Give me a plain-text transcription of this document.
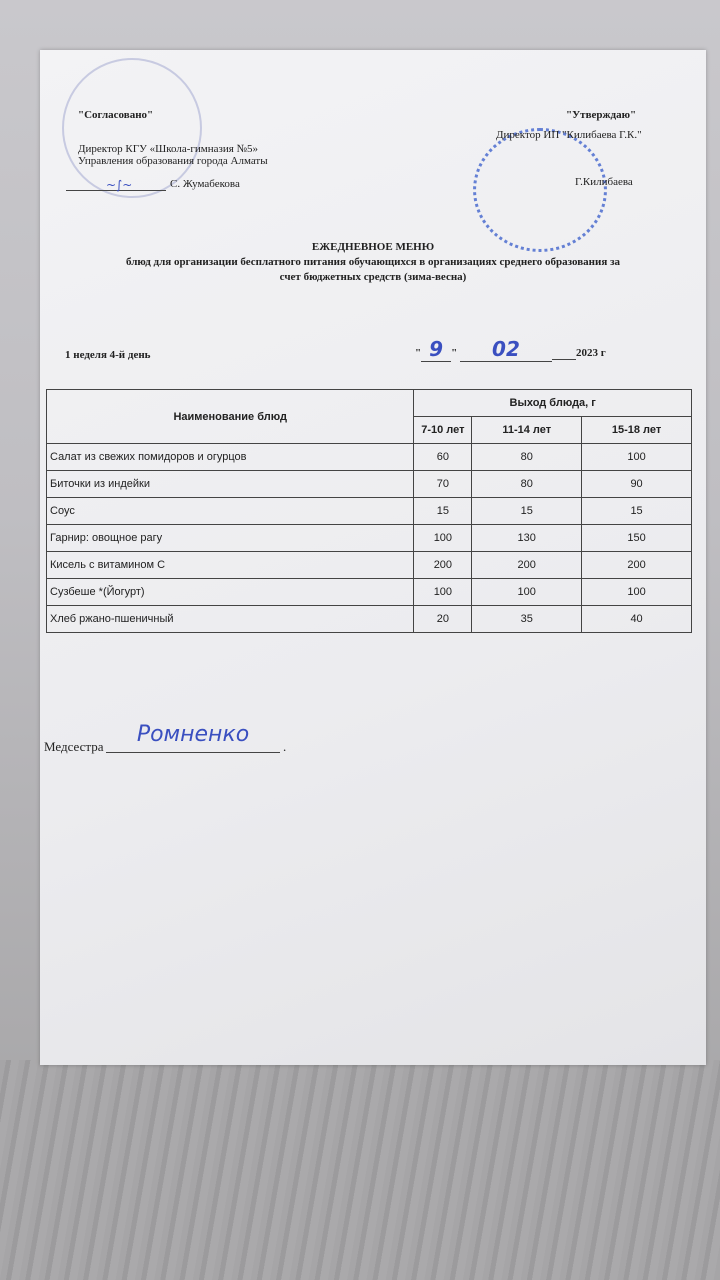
"Согласовано"
Директор КГУ «Школа-гимназия №5»
Управления образования города Алматы
~∫~	С. Жумабекова
"Утверждаю"
Директор ИП "Килибаева Г.К."
Г.Килибаева
ЕЖЕДНЕВНОЕ МЕНЮ
блюд для организации бесплатного питания обучающихся в организациях среднего образования за
счет бюджетных средств (зима-весна)
1 неделя 4-й день	" 9 " 02	2023 г
Наименование блюд	Выход блюда, г		
	7-10 лет	11-14 лет	15-18 лет
Салат из свежих помидоров и огурцов	60	80	100
Биточки из индейки	70	80	90
Соус	15	15	15
Гарнир: овощное рагу	100	130	150
Кисель с витамином С	200	200	200
Сузбеше *(Йогурт)	100	100	100
Хлеб ржано-пшеничный	20	35	40
Медсестра	Ромненко	.
